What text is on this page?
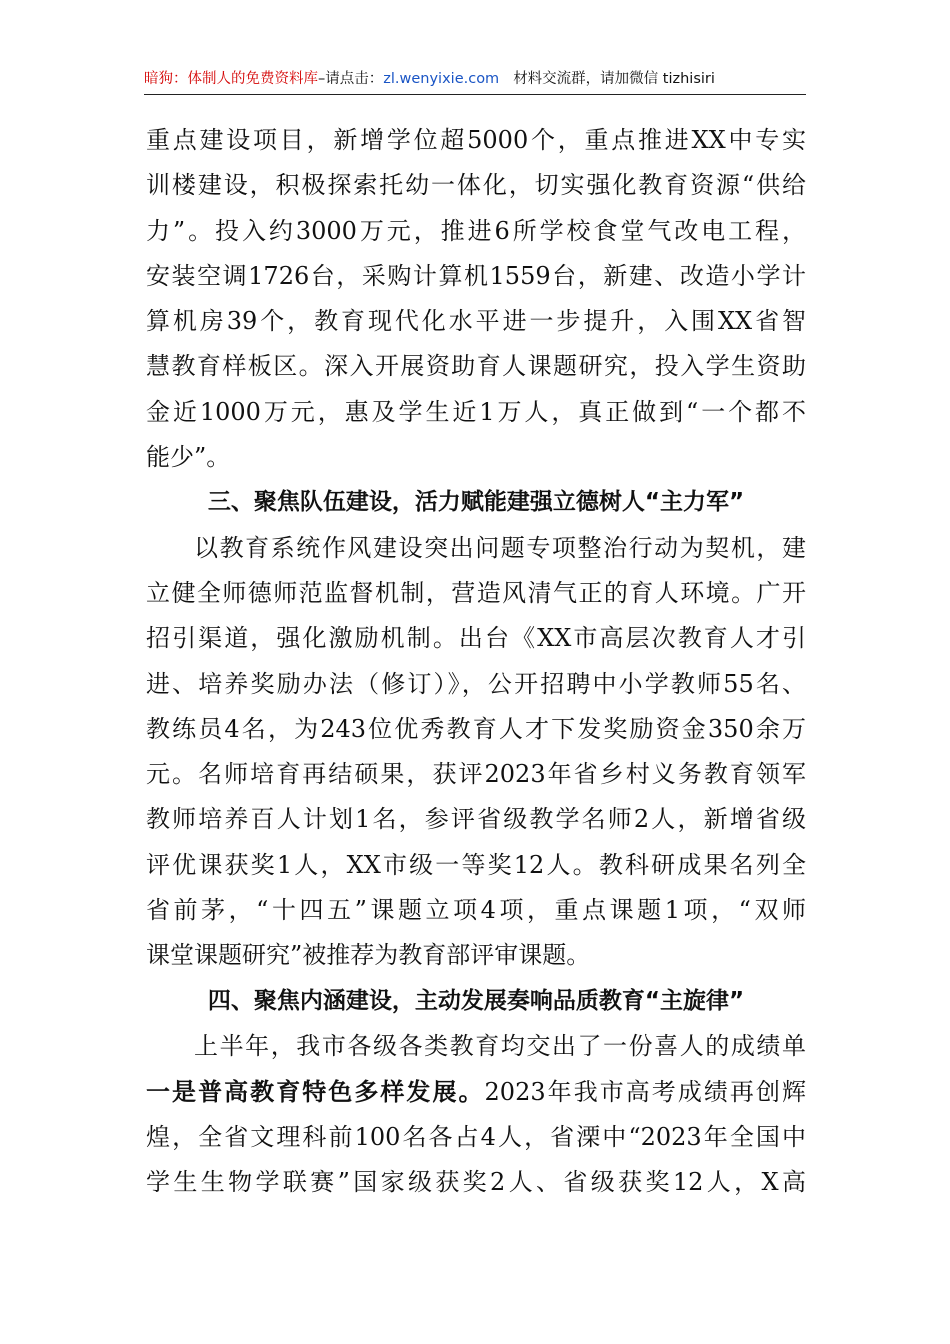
暗狗：体制人的免费资料库–请点击：zl.wenyixie.com 材料交流群，请加微信 tizhisiri
重点建设项目，新增学位超5000个，重点推进XX中专实
训楼建设，积极探索托幼一体化，切实强化教育资源“供给
力”。投入约3000万元，推进6所学校食堂气改电工程，
安装空调1726台，采购计算机1559台，新建、改造小学计
算机房39个，教育现代化水平进一步提升，入围XX省智
慧教育样板区。深入开展资助育人课题研究，投入学生资助
金近1000万元，惠及学生近1万人，真正做到“一个都不
能少”。
三、聚焦队伍建设，活力赋能建强立德树人“主力军”
以教育系统作风建设突出问题专项整治行动为契机，建
立健全师德师范监督机制，营造风清气正的育人环境。广开
招引渠道，强化激励机制。出台《XX市高层次教育人才引
进、培养奖励办法（修订）》，公开招聘中小学教师55名、
教练员4名，为243位优秀教育人才下发奖励资金350余万
元。名师培育再结硕果，获评2023年省乡村义务教育领军
教师培养百人计划1名，参评省级教学名师2人，新增省级
评优课获奖1人，XX市级一等奖12人。教科研成果名列全
省前茅，“十四五”课题立项4项，重点课题1项，“双师
课堂课题研究”被推荐为教育部评审课题。
四、聚焦内涵建设，主动发展奏响品质教育“主旋律”
上半年，我市各级各类教育均交出了一份喜人的成绩单
一是普高教育特色多样发展。2023年我市高考成绩再创辉
煌，全省文理科前100名各占4人，省溧中“2023年全国中
学生生物学联赛”国家级获奖2人、省级获奖12人，X高
